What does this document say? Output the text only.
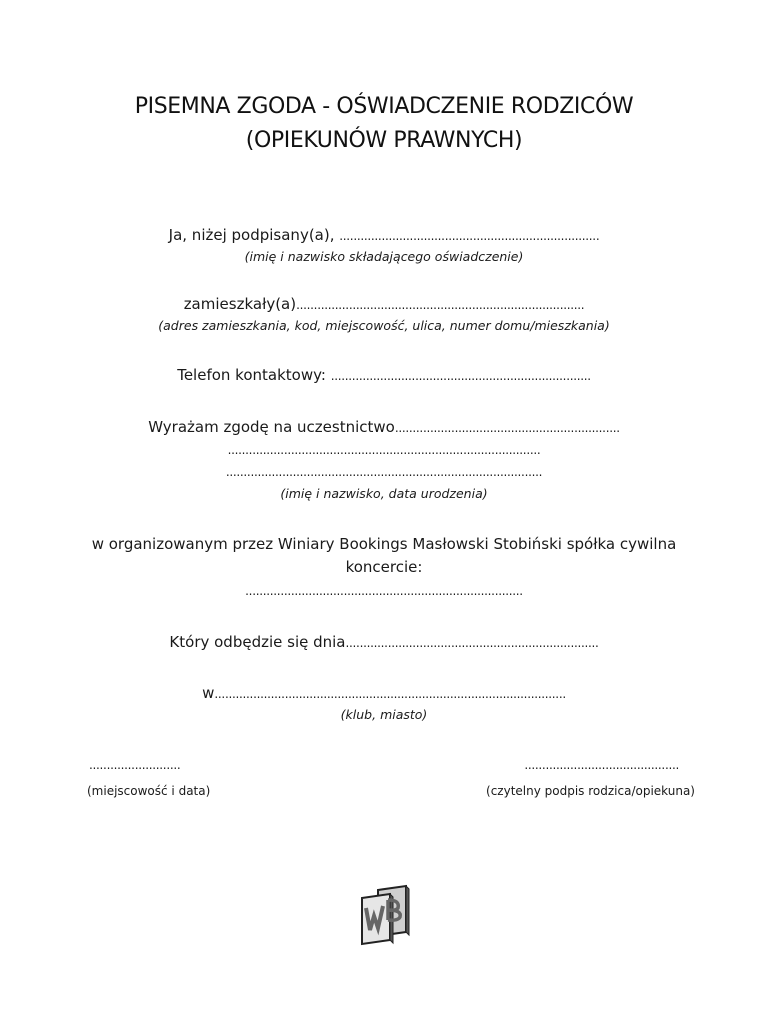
PISEMNA ZGODA - OŚWIADCZENIE RODZICÓW
(OPIEKUNÓW PRAWNYCH)
Ja, niżej podpisany(a), ..........................................................................
(imię i nazwisko składającego oświadczenie)
zamieszkały(a)..................................................................................
(adres zamieszkania, kod, miejscowość, ulica, numer domu/mieszkania)
Telefon kontaktowy: ..........................................................................
Wyrażam zgodę na uczestnictwo................................................................
.........................................................................................
..........................................................................................
(imię i nazwisko, data urodzenia)
w organizowanym przez Winiary Bookings Masłowski Stobiński spółka cywilna
koncercie:
...............................................................................
Który odbędzie się dnia........................................................................
w....................................................................................................
(klub, miasto)
..........................
(miejscowość i data)
............................................
(czytelny podpis rodzica/opiekuna)
